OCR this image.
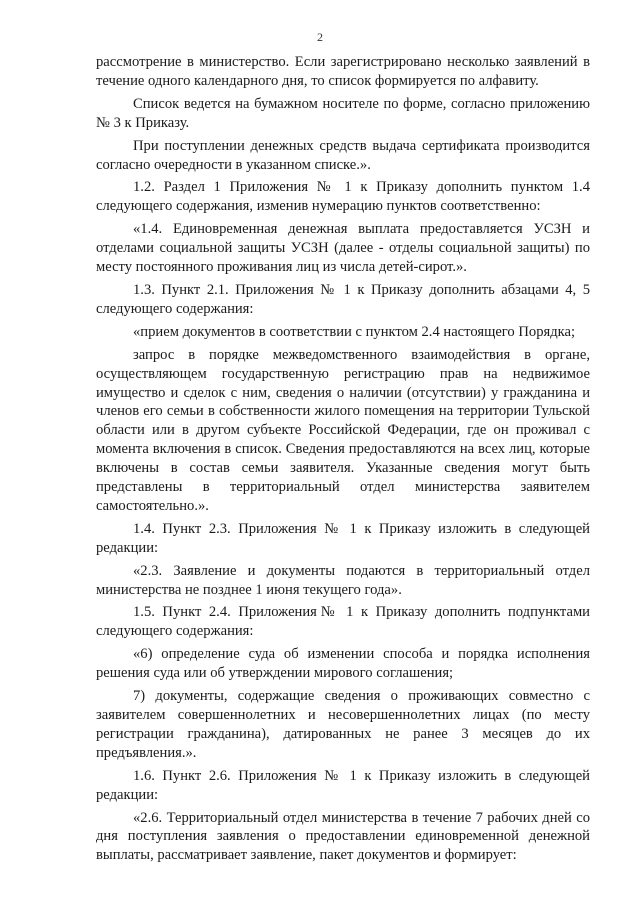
2

рассмотрение в министерство. Если зарегистрировано несколько заявлений в течение одного календарного дня, то список формируется по алфавиту.

Список ведется на бумажном носителе по форме, согласно приложению № 3 к Приказу.

При поступлении денежных средств выдача сертификата производится согласно очередности в указанном списке.».

1.2. Раздел 1 Приложения № 1 к Приказу дополнить пунктом 1.4 следующего содержания, изменив нумерацию пунктов соответственно:

«1.4. Единовременная денежная выплата предоставляется УСЗН и отделами социальной защиты УСЗН (далее - отделы социальной защиты) по месту постоянного проживания лиц из числа детей-сирот.».

1.3. Пункт 2.1. Приложения № 1 к Приказу дополнить абзацами 4, 5 следующего содержания:

«прием документов в соответствии с пунктом 2.4 настоящего Порядка;

запрос в порядке межведомственного взаимодействия в органе, осуществляющем государственную регистрацию прав на недвижимое имущество и сделок с ним, сведения о наличии (отсутствии) у гражданина и членов его семьи в собственности жилого помещения на территории Тульской области или в другом субъекте Российской Федерации, где он проживал с момента включения в список. Сведения предоставляются на всех лиц, которые включены в состав семьи заявителя. Указанные сведения могут быть представлены в территориальный отдел министерства заявителем самостоятельно.».

1.4. Пункт 2.3. Приложения № 1 к Приказу изложить в следующей редакции:

«2.3. Заявление и документы подаются в территориальный отдел министерства не позднее 1 июня текущего года».

1.5. Пункт 2.4. Приложения№ 1 к Приказу дополнить подпунктами следующего содержания:

«6) определение суда об изменении способа и порядка исполнения решения суда или об утверждении мирового соглашения;

7) документы, содержащие сведения о проживающих совместно с заявителем совершеннолетних и несовершеннолетних лицах (по месту регистрации гражданина), датированных не ранее 3 месяцев до их предъявления.».

1.6. Пункт 2.6. Приложения № 1 к Приказу изложить в следующей редакции:

«2.6. Территориальный отдел министерства в течение 7 рабочих дней со дня поступления заявления о предоставлении единовременной денежной выплаты, рассматривает заявление, пакет документов и формирует:
